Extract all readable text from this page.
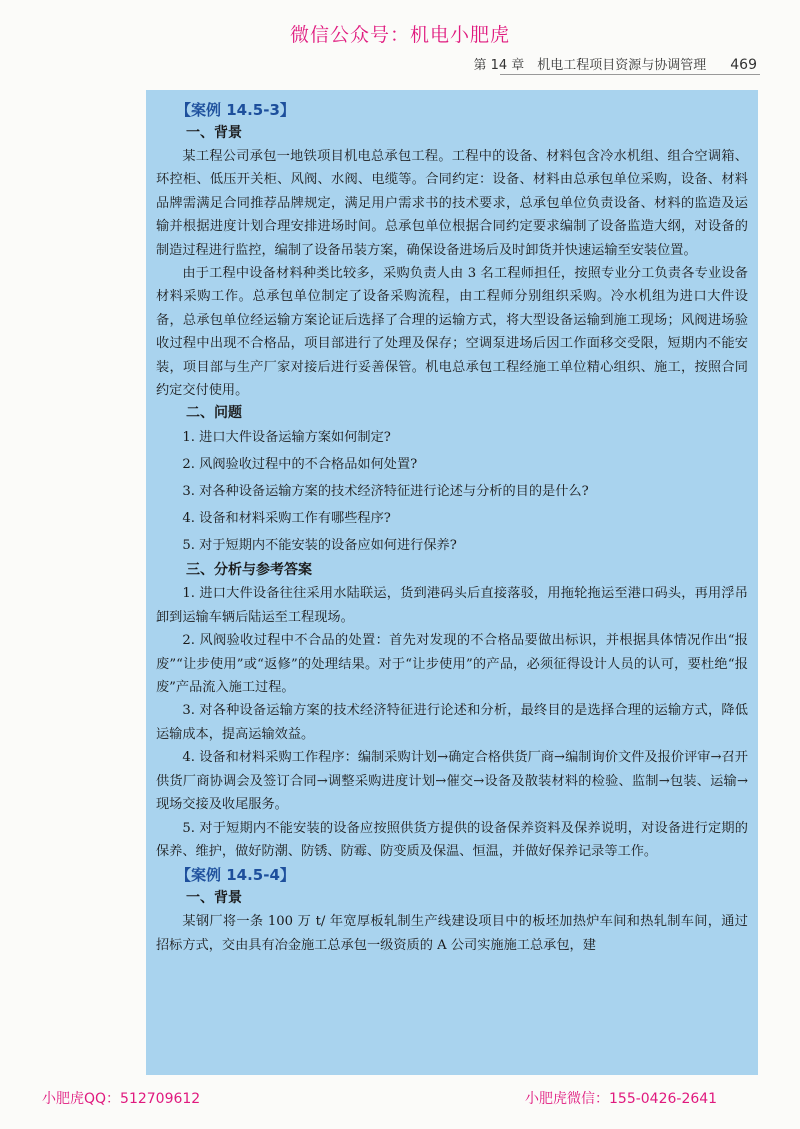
微信公众号：机电小肥虎
第 14 章　机电工程项目资源与协调管理 469
【案例 14.5-3】
一、背景

某工程公司承包一地铁项目机电总承包工程。工程中的设备、材料包含冷水机组、组合空调箱、环控柜、低压开关柜、风阀、水阀、电缆等。合同约定：设备、材料由总承包单位采购，设备、材料品牌需满足合同推荐品牌规定，满足用户需求书的技术要求，总承包单位负责设备、材料的监造及运输并根据进度计划合理安排进场时间。总承包单位根据合同约定要求编制了设备监造大纲，对设备的制造过程进行监控，编制了设备吊装方案，确保设备进场后及时卸货并快速运输至安装位置。

由于工程中设备材料种类比较多，采购负责人由 3 名工程师担任，按照专业分工负责各专业设备材料采购工作。总承包单位制定了设备采购流程，由工程师分别组织采购。冷水机组为进口大件设备，总承包单位经运输方案论证后选择了合理的运输方式，将大型设备运输到施工现场；风阀进场验收过程中出现不合格品，项目部进行了处理及保存；空调泵进场后因工作面移交受限，短期内不能安装，项目部与生产厂家对接后进行妥善保管。机电总承包工程经施工单位精心组织、施工，按照合同约定交付使用。

二、问题

1. 进口大件设备运输方案如何制定?

2. 风阀验收过程中的不合格品如何处置?

3. 对各种设备运输方案的技术经济特征进行论述与分析的目的是什么?

4. 设备和材料采购工作有哪些程序?

5. 对于短期内不能安装的设备应如何进行保养?

三、分析与参考答案

1. 进口大件设备往往采用水陆联运，货到港码头后直接落驳，用拖轮拖运至港口码头，再用浮吊卸到运输车辆后陆运至工程现场。

2. 风阀验收过程中不合品的处置：首先对发现的不合格品要做出标识，并根据具体情况作出“报废”“让步使用”或“返修”的处理结果。对于“让步使用”的产品，必须征得设计人员的认可，要杜绝“报废”产品流入施工过程。

3. 对各种设备运输方案的技术经济特征进行论述和分析，最终目的是选择合理的运输方式，降低运输成本，提高运输效益。

4. 设备和材料采购工作程序：编制采购计划→确定合格供货厂商→编制询价文件及报价评审→召开供货厂商协调会及签订合同→调整采购进度计划→催交→设备及散装材料的检验、监制→包装、运输→现场交接及收尾服务。

5. 对于短期内不能安装的设备应按照供货方提供的设备保养资料及保养说明，对设备进行定期的保养、维护，做好防潮、防锈、防霉、防变质及保温、恒温，并做好保养记录等工作。

【案例 14.5-4】
一、背景

某钢厂将一条 100 万 t/ 年宽厚板轧制生产线建设项目中的板坯加热炉车间和热轧制车间，通过招标方式，交由具有冶金施工总承包一级资质的 A 公司实施施工总承包，建

小肥虎QQ：512709612	小肥虎微信：155-0426-2641
